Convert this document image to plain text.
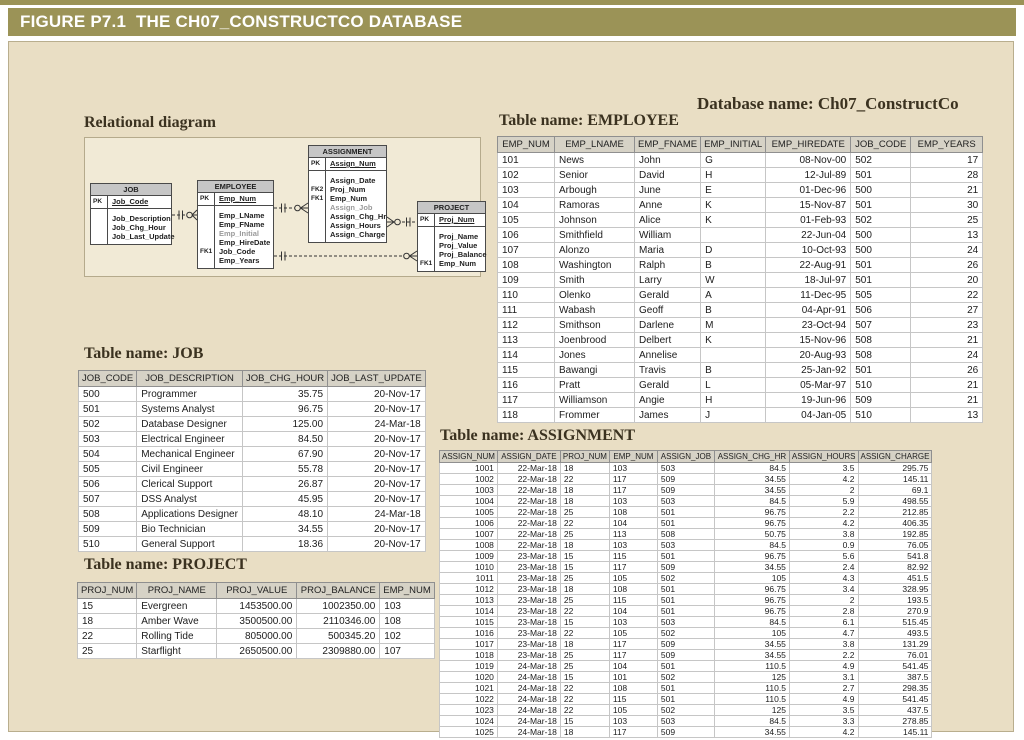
FIGURE P7.1  THE CH07_CONSTRUCTCO DATABASE
Relational diagram
Database name: Ch07_ConstructCo
Table name: EMPLOYEE
Table name: JOB
Table name: PROJECT
Table name: ASSIGNMENT
JOB
PK	Job_Code
Job_Description
Job_Chg_Hour
Job_Last_Update
EMPLOYEE
PK	Emp_Num
Emp_LName
Emp_FName
Emp_Initial
Emp_HireDate
FK1 Job_Code
Emp_Years
ASSIGNMENT
PK	Assign_Num
Assign_Date
FK2 Proj_Num
FK1 Emp_Num
Assign_Job
Assign_Chg_Hr
Assign_Hours
Assign_Charge
PROJECT
PK	Proj_Num
Proj_Name
Proj_Value
Proj_Balance
FK1 Emp_Num
EMP_NUM	EMP_LNAME	EMP_FNAME	EMP_INITIAL	EMP_HIREDATE	JOB_CODE	EMP_YEARS
101	News	John	G	08-Nov-00	502	17
102	Senior	David	H	12-Jul-89	501	28
103	Arbough	June	E	01-Dec-96	500	21
104	Ramoras	Anne	K	15-Nov-87	501	30
105	Johnson	Alice	K	01-Feb-93	502	25
106	Smithfield	William		22-Jun-04	500	13
107	Alonzo	Maria	D	10-Oct-93	500	24
108	Washington	Ralph	B	22-Aug-91	501	26
109	Smith	Larry	W	18-Jul-97	501	20
110	Olenko	Gerald	A	11-Dec-95	505	22
111	Wabash	Geoff	B	04-Apr-91	506	27
112	Smithson	Darlene	M	23-Oct-94	507	23
113	Joenbrood	Delbert	K	15-Nov-96	508	21
114	Jones	Annelise		20-Aug-93	508	24
115	Bawangi	Travis	B	25-Jan-92	501	26
116	Pratt	Gerald	L	05-Mar-97	510	21
117	Williamson	Angie	H	19-Jun-96	509	21
118	Frommer	James	J	04-Jan-05	510	13
JOB_CODE	JOB_DESCRIPTION	JOB_CHG_HOUR	JOB_LAST_UPDATE
500	Programmer	35.75	20-Nov-17
501	Systems Analyst	96.75	20-Nov-17
502	Database Designer	125.00	24-Mar-18
503	Electrical Engineer	84.50	20-Nov-17
504	Mechanical Engineer	67.90	20-Nov-17
505	Civil Engineer	55.78	20-Nov-17
506	Clerical Support	26.87	20-Nov-17
507	DSS Analyst	45.95	20-Nov-17
508	Applications Designer	48.10	24-Mar-18
509	Bio Technician	34.55	20-Nov-17
510	General Support	18.36	20-Nov-17
PROJ_NUM	PROJ_NAME	PROJ_VALUE	PROJ_BALANCE	EMP_NUM
15	Evergreen	1453500.00	1002350.00	103
18	Amber Wave	3500500.00	2110346.00	108
22	Rolling Tide	805000.00	500345.20	102
25	Starflight	2650500.00	2309880.00	107
ASSIGN_NUM	ASSIGN_DATE	PROJ_NUM	EMP_NUM	ASSIGN_JOB	ASSIGN_CHG_HR	ASSIGN_HOURS	ASSIGN_CHARGE
1001	22-Mar-18	18	103	503	84.5	3.5	295.75
1002	22-Mar-18	22	117	509	34.55	4.2	145.11
1003	22-Mar-18	18	117	509	34.55	2	69.1
1004	22-Mar-18	18	103	503	84.5	5.9	498.55
1005	22-Mar-18	25	108	501	96.75	2.2	212.85
1006	22-Mar-18	22	104	501	96.75	4.2	406.35
1007	22-Mar-18	25	113	508	50.75	3.8	192.85
1008	22-Mar-18	18	103	503	84.5	0.9	76.05
1009	23-Mar-18	15	115	501	96.75	5.6	541.8
1010	23-Mar-18	15	117	509	34.55	2.4	82.92
1011	23-Mar-18	25	105	502	105	4.3	451.5
1012	23-Mar-18	18	108	501	96.75	3.4	328.95
1013	23-Mar-18	25	115	501	96.75	2	193.5
1014	23-Mar-18	22	104	501	96.75	2.8	270.9
1015	23-Mar-18	15	103	503	84.5	6.1	515.45
1016	23-Mar-18	22	105	502	105	4.7	493.5
1017	23-Mar-18	18	117	509	34.55	3.8	131.29
1018	23-Mar-18	25	117	509	34.55	2.2	76.01
1019	24-Mar-18	25	104	501	110.5	4.9	541.45
1020	24-Mar-18	15	101	502	125	3.1	387.5
1021	24-Mar-18	22	108	501	110.5	2.7	298.35
1022	24-Mar-18	22	115	501	110.5	4.9	541.45
1023	24-Mar-18	22	105	502	125	3.5	437.5
1024	24-Mar-18	15	103	503	84.5	3.3	278.85
1025	24-Mar-18	18	117	509	34.55	4.2	145.11
